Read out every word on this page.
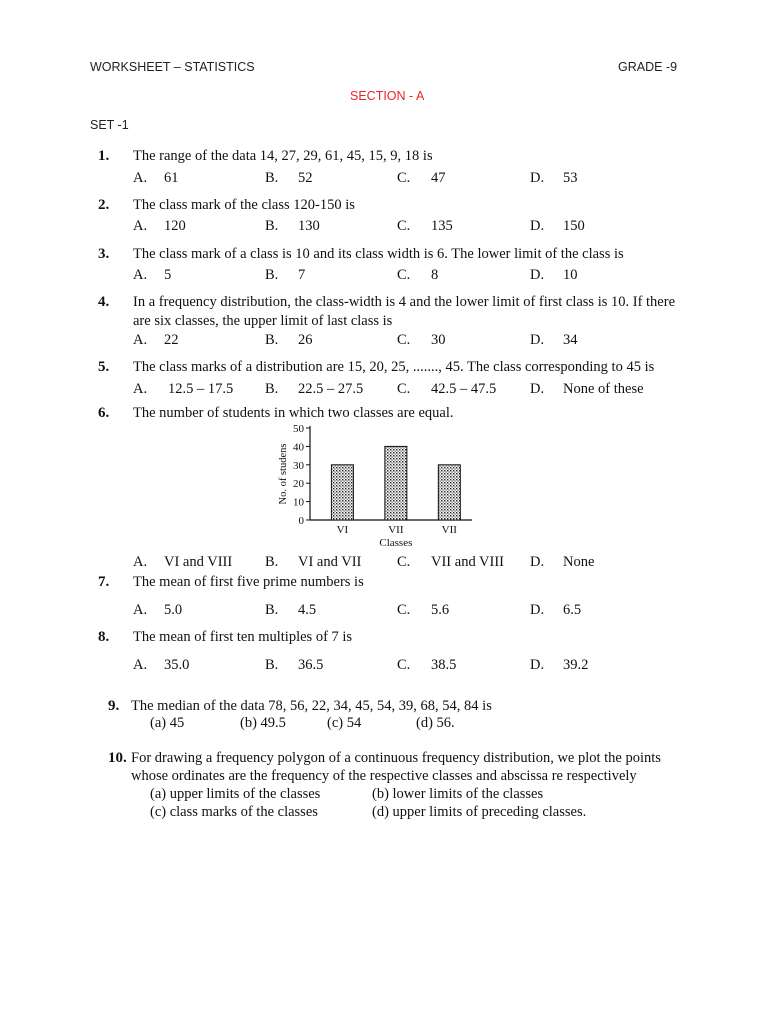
WORKSHEET – STATISTICS	GRADE -9
SECTION - A
SET -1
1. The range of the data 14, 27, 29, 61, 45, 15, 9, 18 is
A. 61	B. 52	C. 47	D. 53
2. The class mark of the class 120-150 is
A. 120	B. 130	C. 135	D. 150
3. The class mark of a class is 10 and its class width is 6. The lower limit of the class is
A. 5	B. 7	C. 8	D. 10
4. In a frequency distribution, the class-width is 4 and the lower limit of first class is 10. If there
are six classes, the upper limit of last class is
A. 22	B. 26	C. 30	D. 34
5. The class marks of a distribution are 15, 20, 25, ......., 45. The class corresponding to 45 is
A. 12.5 – 17.5 B. 22.5 – 27.5 C. 42.5 – 47.5 D. None of these
6. The number of students in which two classes are equal.
0
10
20
30
40
50
No. of studens
VI	VII	VII
Classes
A. VI and VIII B. VI and VII C. VII and VIII D. None
7. The mean of first five prime numbers is
A. 5.0	B. 4.5	C. 5.6	D. 6.5
8. The mean of first ten multiples of 7 is
A. 35.0	B. 36.5	C. 38.5	D. 39.2
9. The median of the data 78, 56, 22, 34, 45, 54, 39, 68, 54, 84 is
(a) 45	(b) 49.5	(c) 54	(d) 56.
10. For drawing a frequency polygon of a continuous frequency distribution, we plot the points
whose ordinates are the frequency of the respective classes and abscissa re respectively
(a) upper limits of the classes	(b) lower limits of the classes
(c) class marks of the classes	(d) upper limits of preceding classes.
